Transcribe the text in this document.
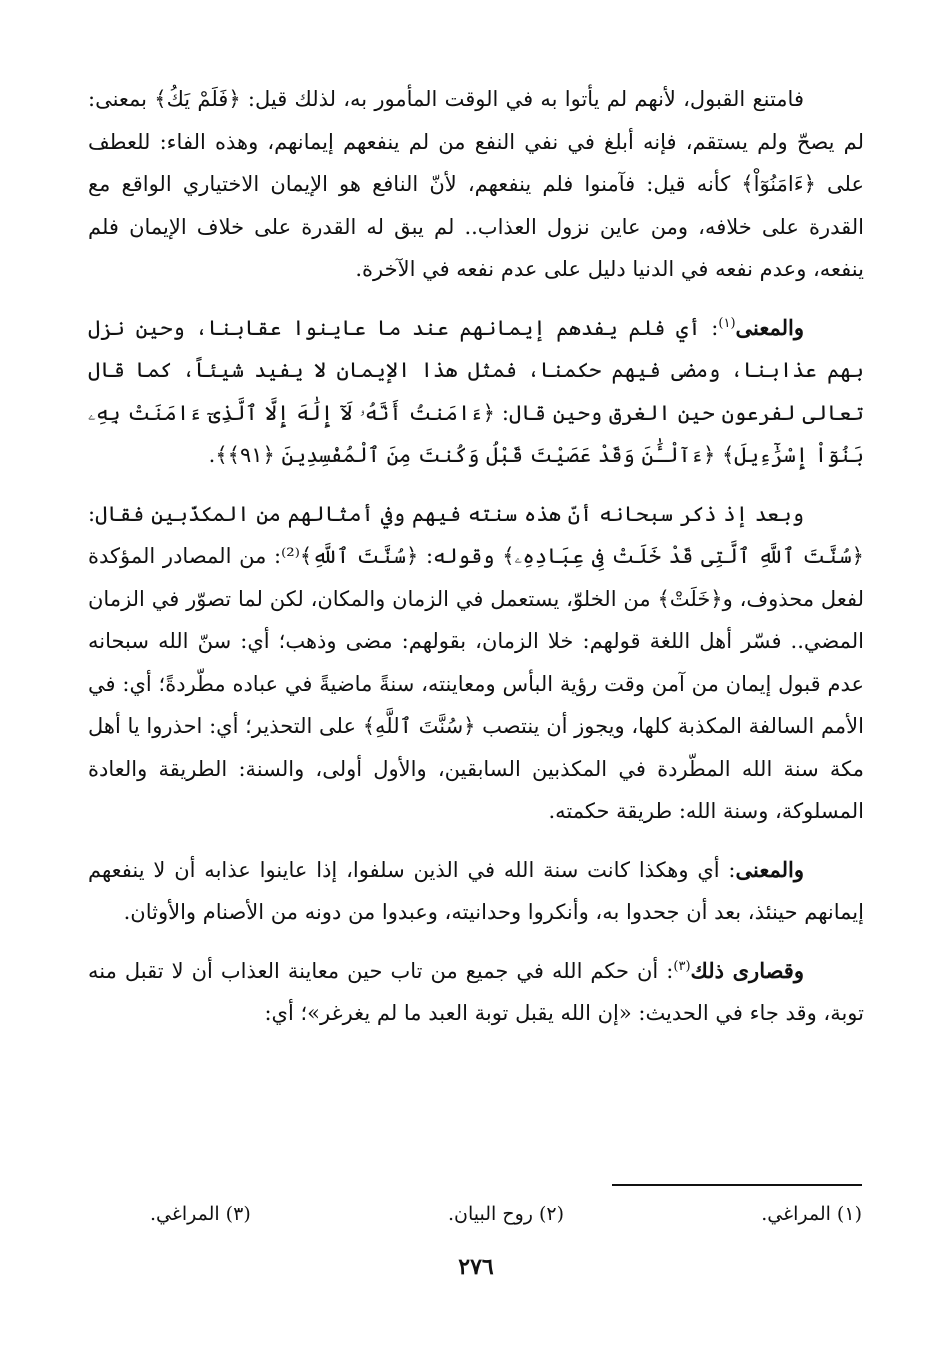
فامتنع القبول، لأنهم لم يأتوا به في الوقت المأمور به، لذلك قيل: ﴿فَلَمْ يَكُ﴾ بمعنى: لم يصحّ ولم يستقم، فإنه أبلغ في نفي النفع من لم ينفعهم إيمانهم، وهذه الفاء: للعطف على ﴿ءَامَنُوٓاْ﴾ كأنه قيل: فآمنوا فلم ينفعهم، لأنّ النافع هو الإيمان الاختياري الواقع مع القدرة على خلافه، ومن عاين نزول العذاب.. لم يبق له القدرة على خلاف الإيمان فلم ينفعه، وعدم نفعه في الدنيا دليل على عدم نفعه في الآخرة.

والمعنى$^{(١)}$: أي فلم يفدهم إيمانهم عند ما عاينوا عقابنا، وحين نزل بهم عذابنا، ومضى فيهم حكمنا، فمثل هذا الإيمان لا يفيد شيئاً، كما قال تعالى لفرعون حين الغرق وحين قال: ﴿ءَامَنتُ أَنَّهُۥ لَآ إِلَٰهَ إِلَّا ٱلَّذِىٓ ءَامَنَتْ بِهِۦ بَنُوٓاْ إِسْرَٰٓءِيلَ﴾ ﴿ءَآلْـَٰٔنَ وَقَدْ عَصَيْتَ قَبْلُ وَكُنتَ مِنَ ٱلْمُفْسِدِينَ ﴿٩١﴾﴾.

وبعد إذ ذكر سبحانه أنّ هذه سنته فيهم وفي أمثالهم من المكذّبين فقال: ﴿سُنَّتَ ٱللَّهِ ٱلَّتِى قَدْ خَلَتْ فِى عِبَادِهِۦ﴾ وقوله: ﴿سُنَّتَ ٱللَّهِ﴾⁽²⁾: من المصادر المؤكدة لفعل محذوف، و﴿خَلَتْ﴾ من الخلوّ، يستعمل في الزمان والمكان، لكن لما تصوّر في الزمان المضي.. فسّر أهل اللغة قولهم: خلا الزمان، بقولهم: مضى وذهب؛ أي: سنّ الله سبحانه عدم قبول إيمان من آمن وقت رؤية البأس ومعاينته، سنةً ماضيةً في عباده مطّردةً؛ أي: في الأمم السالفة المكذبة كلها، ويجوز أن ينتصب ﴿سُنَّتَ ٱللَّهِ﴾ على التحذير؛ أي: احذروا يا أهل مكة سنة الله المطّردة في المكذبين السابقين، والأول أولى، والسنة: الطريقة والعادة المسلوكة، وسنة الله: طريقة حكمته.

والمعنى: أي وهكذا كانت سنة الله في الذين سلفوا، إذا عاينوا عذابه أن لا ينفعهم إيمانهم حينئذ، بعد أن جحدوا به، وأنكروا وحدانيته، وعبدوا من دونه من الأصنام والأوثان.

وقصارى ذلك$^{(٣)}$: أن حكم الله في جميع من تاب حين معاينة العذاب أن لا تقبل منه توبة، وقد جاء في الحديث: «إن الله يقبل توبة العبد ما لم يغرغر»؛ أي:

(١) المراغي.
(٢) روح البيان.
(٣) المراغي.
٢٧٦
